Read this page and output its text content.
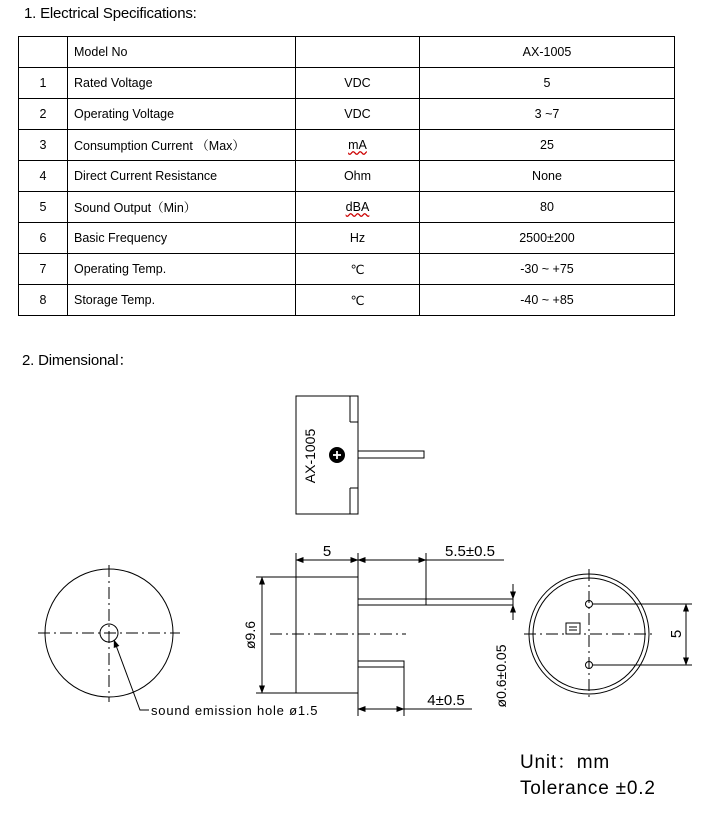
1. Electrical Specifications:
	Model No		AX-1005
1	Rated Voltage	VDC	5
2	Operating Voltage	VDC	3 ~7
3	Consumption Current （Max）	mA	25
4	Direct Current Resistance	Ohm	None
5	Sound Output（Min）	dBA	80
6	Basic Frequency	Hz	2500±200
7	Operating Temp.	℃	-30 ~ +75
8	Storage Temp.	℃	-40 ~ +85
2. Dimensional：
AX-1005
sound emission hole ø1.5
5	5.5±0.5
ø9.6
4±0.5 ø0.6±0.05
5
Unit：mm
Tolerance ±0.2
